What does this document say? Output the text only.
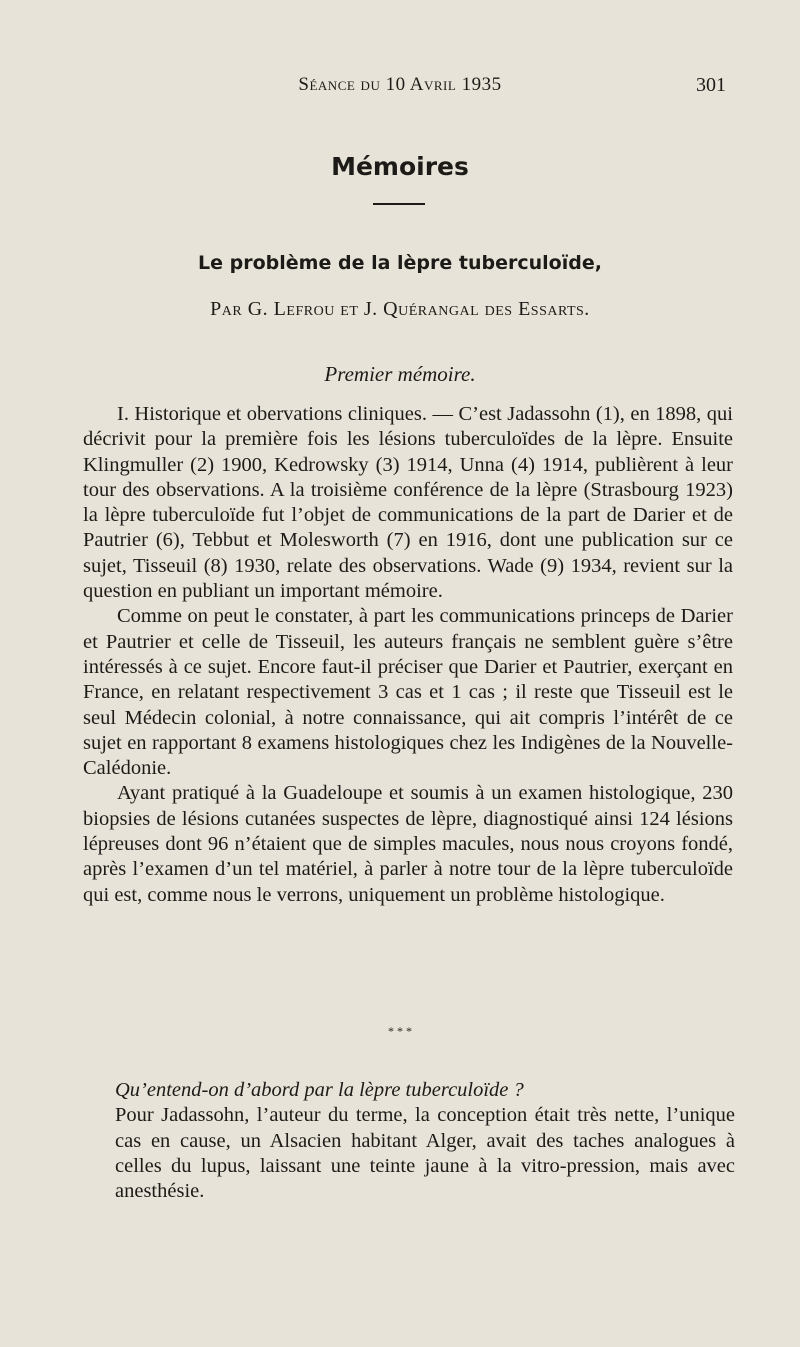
Séance du 10 Avril 1935	301
Mémoires
Le problème de la lèpre tuberculoïde,
Par G. Lefrou et J. Quérangal des Essarts.
Premier mémoire.

I. Historique et obervations cliniques. — C’est Jadassohn (1), en 1898, qui décrivit pour la première fois les lésions tuberculoïdes de la lèpre. Ensuite Klingmuller (2) 1900, Kedrowsky (3) 1914, Unna (4) 1914, publièrent à leur tour des observations. A la troisième conférence de la lèpre (Strasbourg 1923) la lèpre tuberculoïde fut l’objet de communications de la part de Darier et de Pautrier (6), Tebbut et Molesworth (7) en 1916, dont une publication sur ce sujet, Tisseuil (8) 1930, relate des observations. Wade (9) 1934, revient sur la question en publiant un important mémoire.

Comme on peut le constater, à part les communications princeps de Darier et Pautrier et celle de Tisseuil, les auteurs français ne semblent guère s’être intéressés à ce sujet. Encore faut-il préciser que Darier et Pautrier, exerçant en France, en relatant respectivement 3 cas et 1 cas ; il reste que Tisseuil est le seul Médecin colonial, à notre connaissance, qui ait compris l’intérêt de ce sujet en rapportant 8 examens histologiques chez les Indigènes de la Nouvelle-Calédonie.

Ayant pratiqué à la Guadeloupe et soumis à un examen histologique, 230 biopsies de lésions cutanées suspectes de lèpre, diagnostiqué ainsi 124 lésions lépreuses dont 96 n’étaient que de simples macules, nous nous croyons fondé, après l’examen d’un tel matériel, à parler à notre tour de la lèpre tuberculoïde qui est, comme nous le verrons, uniquement un problème histologique.

* * *

Qu’entend-on d’abord par la lèpre tuberculoïde ?

Pour Jadassohn, l’auteur du terme, la conception était très nette, l’unique cas en cause, un Alsacien habitant Alger, avait des taches analogues à celles du lupus, laissant une teinte jaune à la vitro-pression, mais avec anesthésie.
